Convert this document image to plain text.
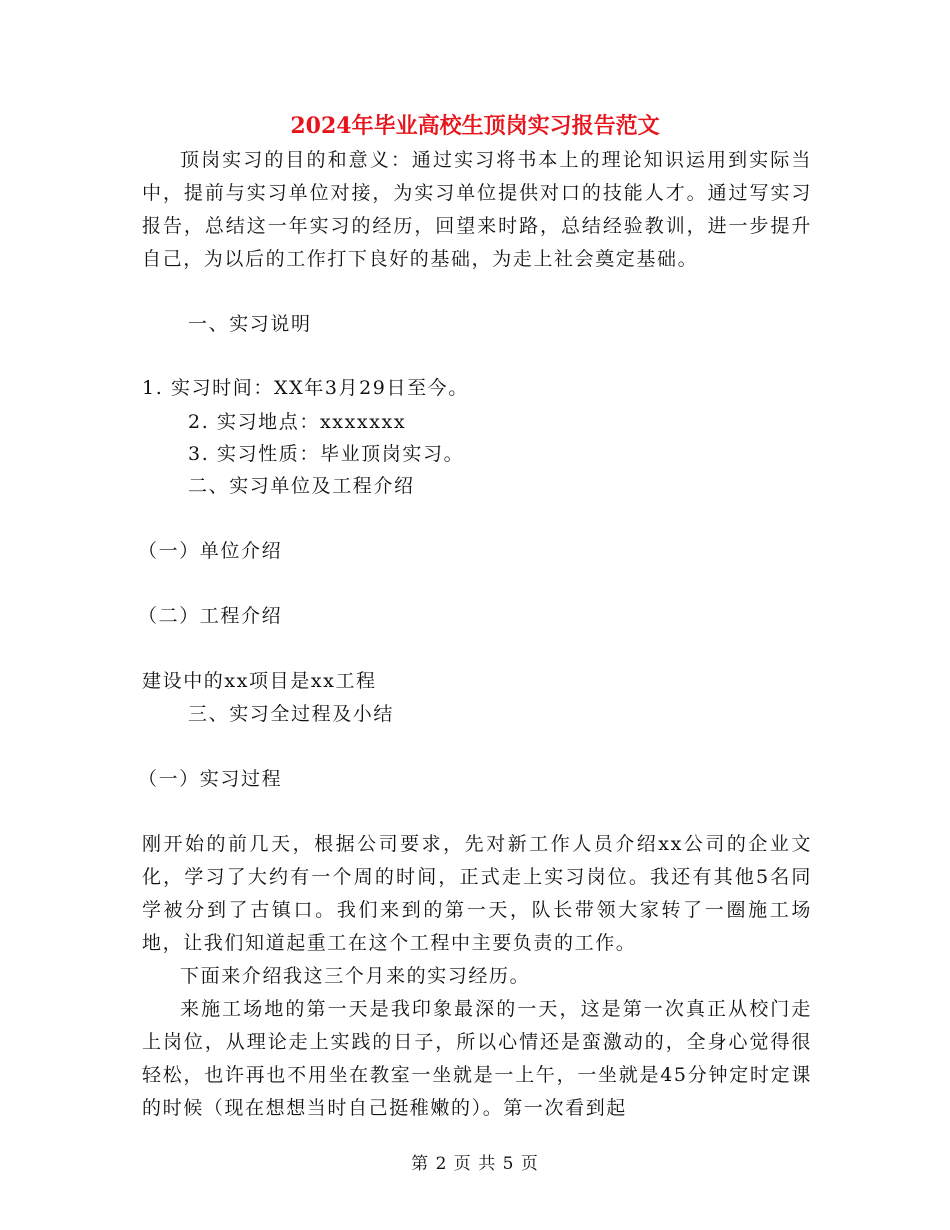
2024年毕业高校生顶岗实习报告范文

顶岗实习的目的和意义：通过实习将书本上的理论知识运用到实际当中，提前与实习单位对接，为实习单位提供对口的技能人才。通过写实习报告，总结这一年实习的经历，回望来时路，总结经验教训，进一步提升自己，为以后的工作打下良好的基础，为走上社会奠定基础。

一、实习说明
1. 实习时间：XX年3月29日至今。
2. 实习地点：xxxxxxx
3. 实习性质：毕业顶岗实习。
二、实习单位及工程介绍
（一）单位介绍
（二）工程介绍
建设中的xx项目是xx工程
三、实习全过程及小结
（一）实习过程

刚开始的前几天，根据公司要求，先对新工作人员介绍xx公司的企业文化，学习了大约有一个周的时间，正式走上实习岗位。我还有其他5名同学被分到了古镇口。我们来到的第一天，队长带领大家转了一圈施工场地，让我们知道起重工在这个工程中主要负责的工作。

下面来介绍我这三个月来的实习经历。

来施工场地的第一天是我印象最深的一天，这是第一次真正从校门走上岗位，从理论走上实践的日子，所以心情还是蛮激动的，全身心觉得很轻松，也许再也不用坐在教室一坐就是一上午，一坐就是45分钟定时定课的时候（现在想想当时自己挺稚嫩的）。第一次看到起

第 2 页 共 5 页
